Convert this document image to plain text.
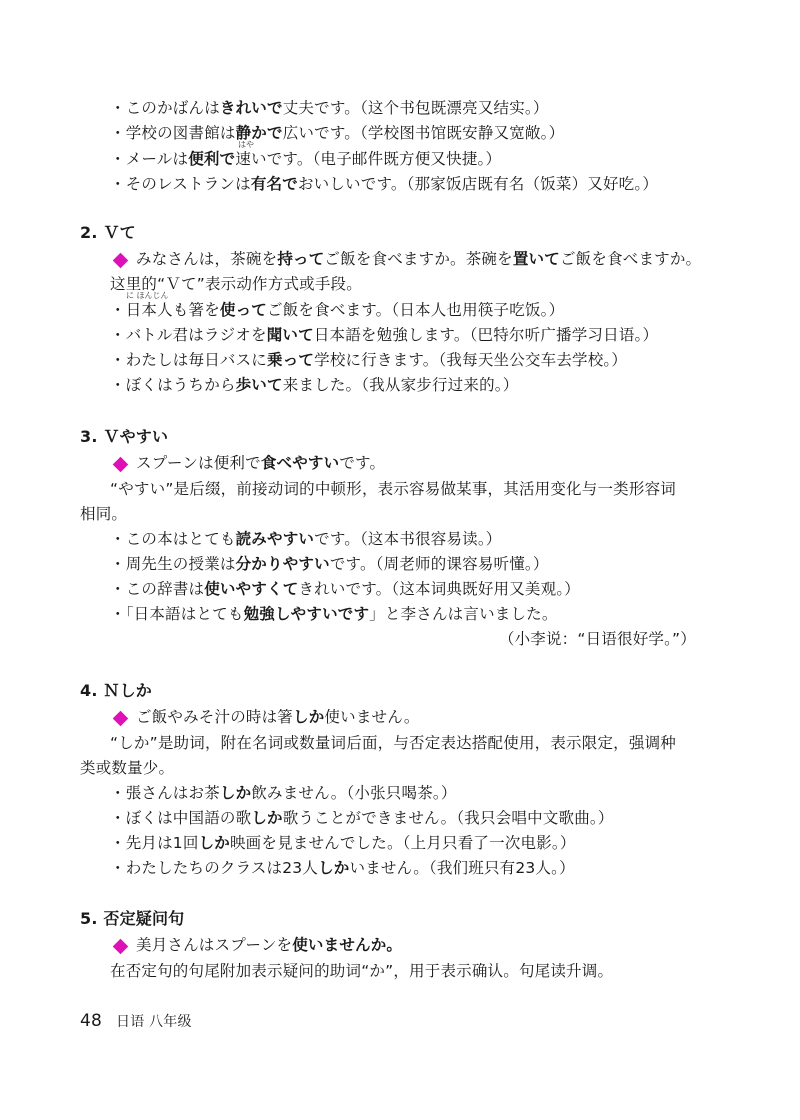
・このかばんはきれいで丈夫です。（这个书包既漂亮又结实。）
・学校の図書館は静かで広いです。（学校图书馆既安静又宽敞。）
はや
・メールは便利で速いです。（电子邮件既方便又快捷。）
・そのレストランは有名でおいしいです。（那家饭店既有名（饭菜）又好吃。）
2. Ｖて
みなさんは，茶碗を持ってご飯を食べますか。茶碗を置いてご飯を食べますか。
这里的“Ｖて”表示动作方式或手段。
に ほんじん
・日本人も箸を使ってご飯を食べます。（日本人也用筷子吃饭。）
・バトル君はラジオを聞いて日本語を勉強します。（巴特尔听广播学习日语。）
・わたしは毎日バスに乗って学校に行きます。（我每天坐公交车去学校。）
・ぼくはうちから歩いて来ました。（我从家步行过来的。）
3. Ｖやすい
スプーンは便利で食べやすいです。
“やすい”是后缀，前接动词的中顿形，表示容易做某事，其活用变化与一类形容词
相同。
・この本はとても読みやすいです。（这本书很容易读。）
・周先生の授業は分かりやすいです。（周老师的课容易听懂。）
・この辞書は使いやすくてきれいです。（这本词典既好用又美观。）
・「日本語はとても勉強しやすいです」と李さんは言いました。
（小李说：“日语很好学。”）
4. Ｎしか
ご飯やみそ汁の時は箸しか使いません。
“しか”是助词，附在名词或数量词后面，与否定表达搭配使用，表示限定，强调种
类或数量少。
・張さんはお茶しか飲みません。（小张只喝茶。）
・ぼくは中国語の歌しか歌うことができません。（我只会唱中文歌曲。）
・先月は1回しか映画を見ませんでした。（上月只看了一次电影。）
・わたしたちのクラスは23人しかいません。（我们班只有23人。）
5. 否定疑问句
美月さんはスプーンを使いませんか。
在否定句的句尾附加表示疑问的助词“か”，用于表示确认。句尾读升调。
48 日语 八年级
